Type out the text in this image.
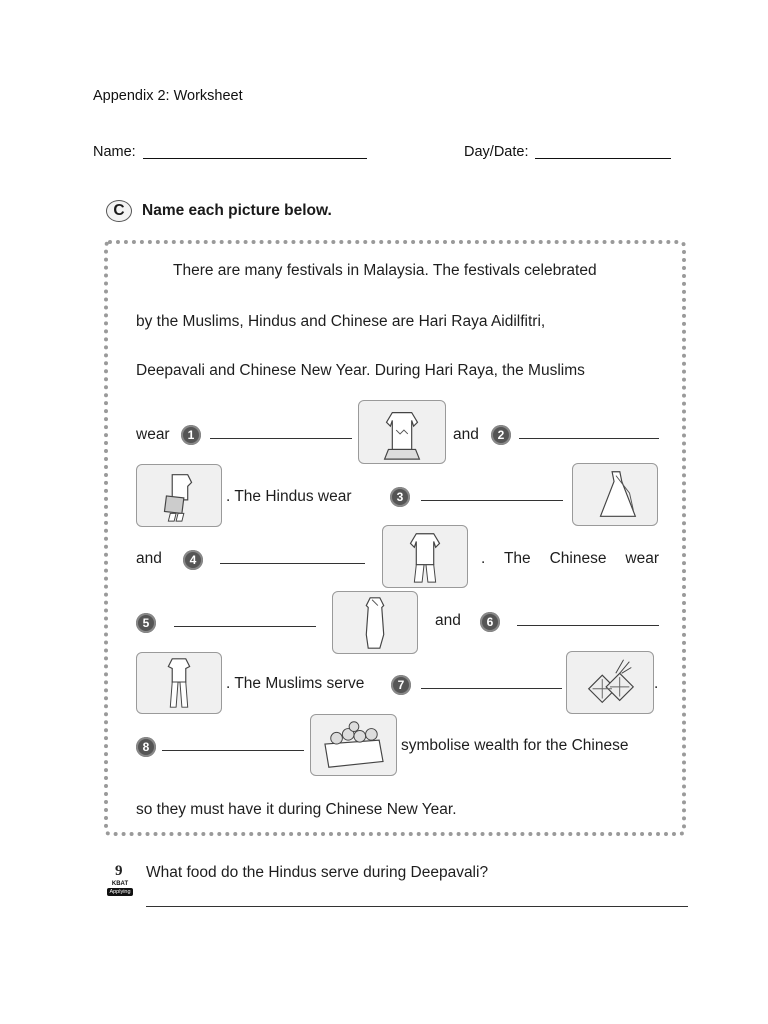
Appendix 2: Worksheet
Name:	Day/Date:
C Name each picture below.
There are many festivals in Malaysia. The festivals celebrated
by the Muslims, Hindus and Chinese are Hari Raya Aidilfitri,
Deepavali and Chinese New Year. During Hari Raya, the Muslims
wear	1	and	2
. The Hindus wear	3
and	4	. The Chinese wear
5	and	6
. The Muslims serve	7	.
8	symbolise wealth for the Chinese
so they must have it during Chinese New Year.
9
KBAT
Applying
What food do the Hindus serve during Deepavali?
